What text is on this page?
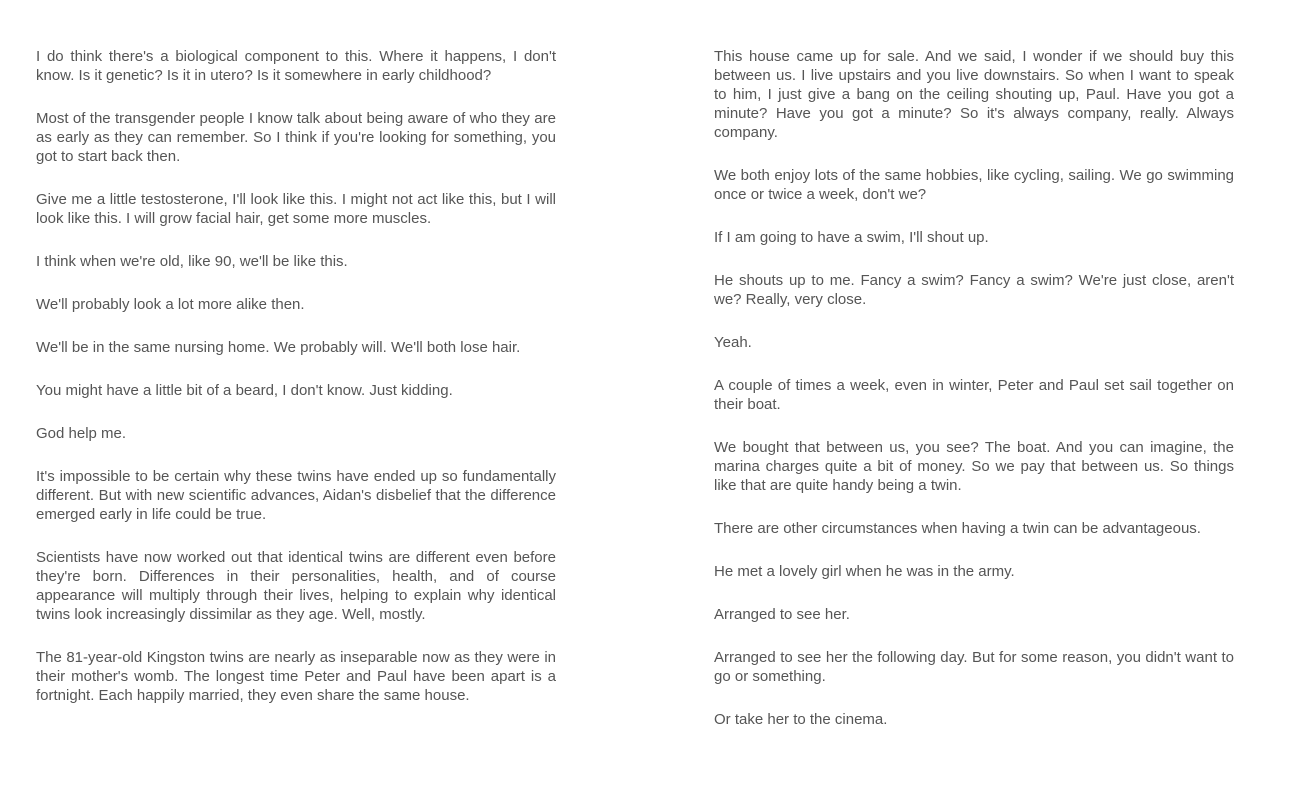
I do think there's a biological component to this. Where it happens, I don't know. Is it genetic? Is it in utero? Is it somewhere in early childhood?

Most of the transgender people I know talk about being aware of who they are as early as they can remember. So I think if you're looking for something, you got to start back then.

Give me a little testosterone, I'll look like this. I might not act like this, but I will look like this. I will grow facial hair, get some more muscles.

I think when we're old, like 90, we'll be like this.

We'll probably look a lot more alike then.

We'll be in the same nursing home. We probably will. We'll both lose hair.

You might have a little bit of a beard, I don't know. Just kidding.

God help me.

It's impossible to be certain why these twins have ended up so fundamentally different. But with new scientific advances, Aidan's disbelief that the difference emerged early in life could be true.

Scientists have now worked out that identical twins are different even before they're born. Differences in their personalities, health, and of course appearance will multiply through their lives, helping to explain why identical twins look increasingly dissimilar as they age. Well, mostly.

The 81-year-old Kingston twins are nearly as inseparable now as they were in their mother's womb. The longest time Peter and Paul have been apart is a fortnight. Each happily married, they even share the same house.

This house came up for sale. And we said, I wonder if we should buy this between us. I live upstairs and you live downstairs. So when I want to speak to him, I just give a bang on the ceiling shouting up, Paul. Have you got a minute? Have you got a minute? So it's always company, really. Always company.

We both enjoy lots of the same hobbies, like cycling, sailing. We go swimming once or twice a week, don't we?

If I am going to have a swim, I'll shout up.

He shouts up to me. Fancy a swim? Fancy a swim? We're just close, aren't we? Really, very close.

Yeah.

A couple of times a week, even in winter, Peter and Paul set sail together on their boat.

We bought that between us, you see? The boat. And you can imagine, the marina charges quite a bit of money. So we pay that between us. So things like that are quite handy being a twin.

There are other circumstances when having a twin can be advantageous.

He met a lovely girl when he was in the army.

Arranged to see her.

Arranged to see her the following day. But for some reason, you didn't want to go or something.

Or take her to the cinema.
